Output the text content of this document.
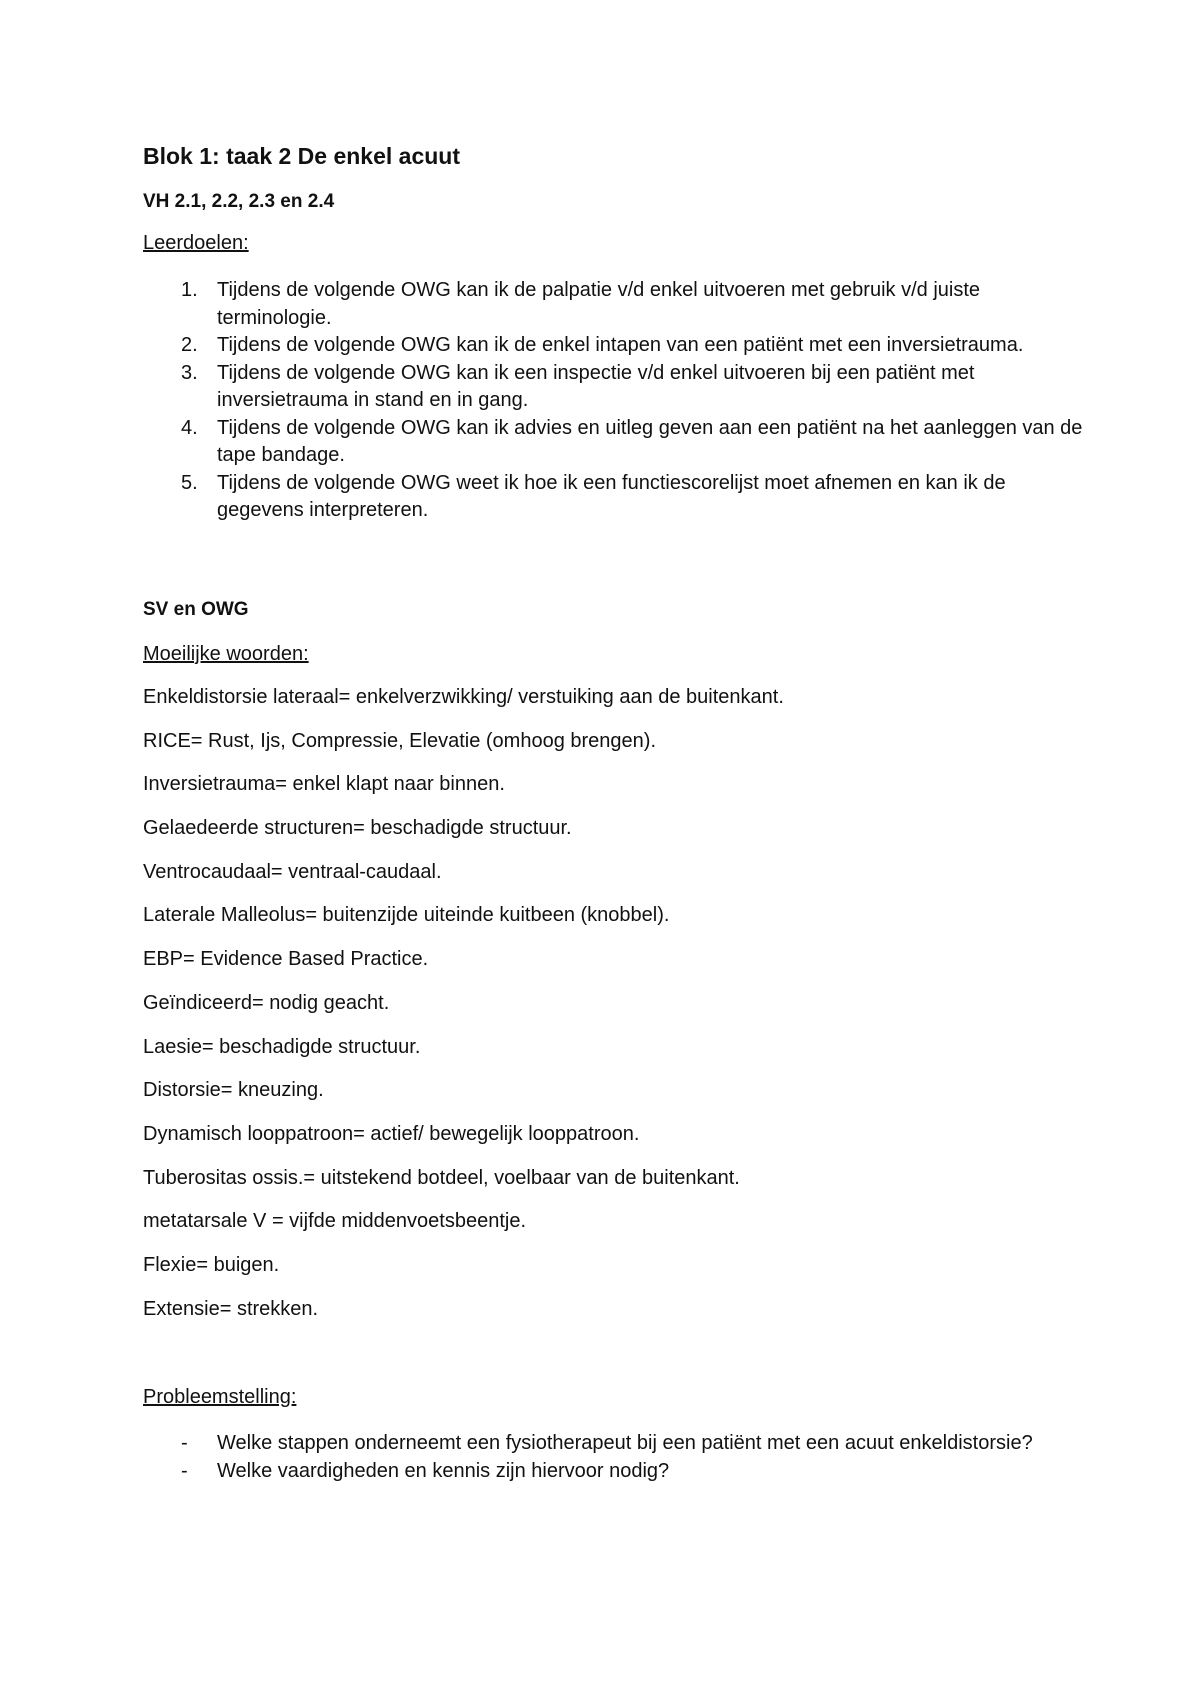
Blok 1: taak 2 De enkel acuut
VH 2.1, 2.2, 2.3 en 2.4

Leerdoelen:

1. Tijdens de volgende OWG kan ik de palpatie v/d enkel uitvoeren met gebruik v/d juiste terminologie.
2. Tijdens de volgende OWG kan ik de enkel intapen van een patiënt met een inversietrauma.
3. Tijdens de volgende OWG kan ik een inspectie v/d enkel uitvoeren bij een patiënt met inversietrauma in stand en in gang.
4. Tijdens de volgende OWG kan ik advies en uitleg geven aan een patiënt na het aanleggen van de tape bandage.
5. Tijdens de volgende OWG weet ik hoe ik een functiescorelijst moet afnemen en kan ik de gegevens interpreteren.
SV en OWG

Moeilijke woorden:

Enkeldistorsie lateraal= enkelverzwikking/ verstuiking aan de buitenkant.
RICE= Rust, Ijs, Compressie, Elevatie (omhoog brengen).
Inversietrauma= enkel klapt naar binnen.
Gelaedeerde structuren= beschadigde structuur.
Ventrocaudaal= ventraal-caudaal.
Laterale Malleolus= buitenzijde uiteinde kuitbeen (knobbel).
EBP= Evidence Based Practice.
Geïndiceerd= nodig geacht.
Laesie= beschadigde structuur.
Distorsie= kneuzing.
Dynamisch looppatroon= actief/ bewegelijk looppatroon.
Tuberositas ossis.= uitstekend botdeel, voelbaar van de buitenkant.
metatarsale V = vijfde middenvoetsbeentje.
Flexie= buigen.
Extensie= strekken.

Probleemstelling:

- Welke stappen onderneemt een fysiotherapeut bij een patiënt met een acuut enkeldistorsie?
- Welke vaardigheden en kennis zijn hiervoor nodig?
